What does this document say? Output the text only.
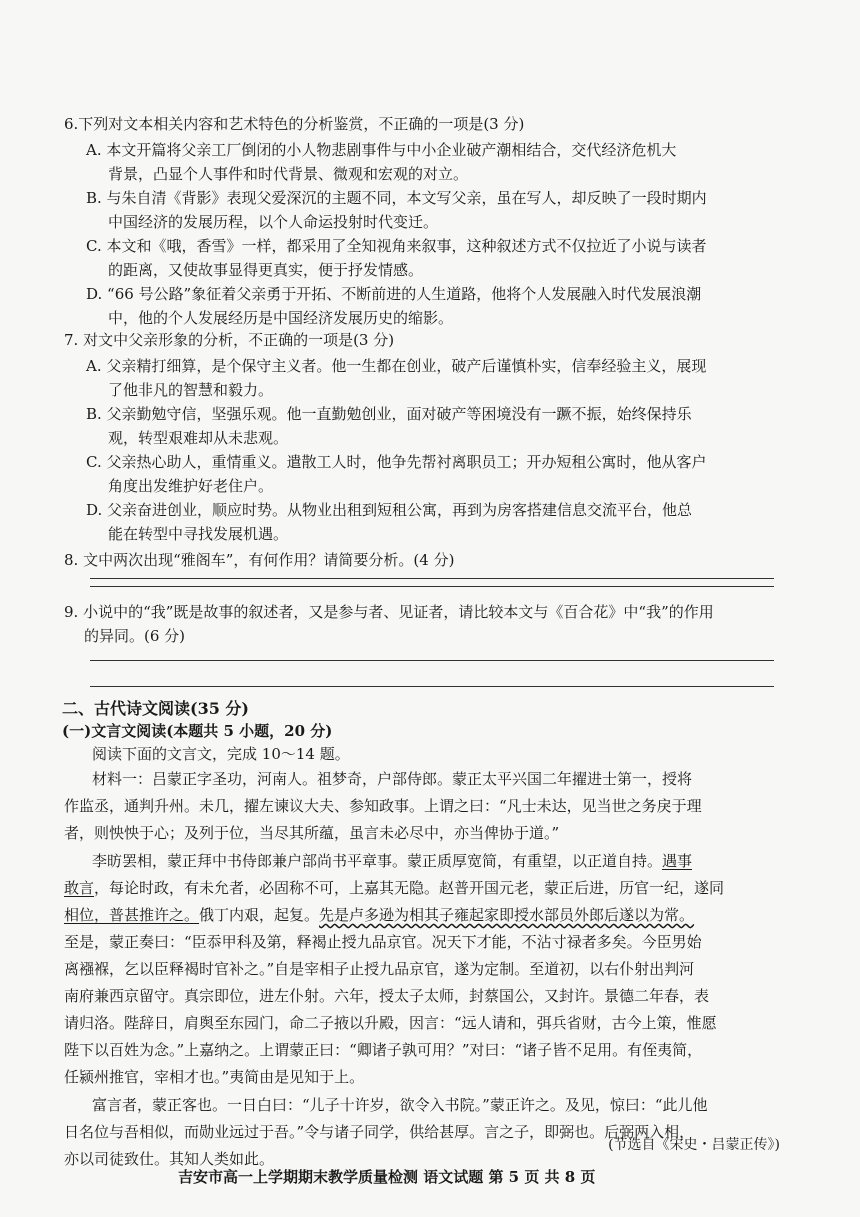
6.下列对文本相关内容和艺术特色的分析鉴赏，不正确的一项是(3 分)
A. 本文开篇将父亲工厂倒闭的小人物悲剧事件与中小企业破产潮相结合，交代经济危机大
背景，凸显个人事件和时代背景、微观和宏观的对立。
B. 与朱自清《背影》表现父爱深沉的主题不同，本文写父亲，虽在写人，却反映了一段时期内
中国经济的发展历程，以个人命运投射时代变迁。
C. 本文和《哦，香雪》一样，都采用了全知视角来叙事，这种叙述方式不仅拉近了小说与读者
的距离，又使故事显得更真实，便于抒发情感。
D. “66 号公路”象征着父亲勇于开拓、不断前进的人生道路，他将个人发展融入时代发展浪潮
中，他的个人发展经历是中国经济发展历史的缩影。
7. 对文中父亲形象的分析，不正确的一项是(3 分)
A. 父亲精打细算，是个保守主义者。他一生都在创业，破产后谨慎朴实，信奉经验主义，展现
了他非凡的智慧和毅力。
B. 父亲勤勉守信，坚强乐观。他一直勤勉创业，面对破产等困境没有一蹶不振，始终保持乐
观，转型艰难却从未悲观。
C. 父亲热心助人，重情重义。遣散工人时，他争先帮衬离职员工；开办短租公寓时，他从客户
角度出发维护好老住户。
D. 父亲奋进创业，顺应时势。从物业出租到短租公寓，再到为房客搭建信息交流平台，他总
能在转型中寻找发展机遇。
8. 文中两次出现“雅阁车”，有何作用？请简要分析。(4 分)
9. 小说中的“我”既是故事的叙述者，又是参与者、见证者，请比较本文与《百合花》中“我”的作用
的异同。(6 分)
二、古代诗文阅读(35 分)
(一)文言文阅读(本题共 5 小题，20 分)
阅读下面的文言文，完成 10～14 题。
材料一：吕蒙正字圣功，河南人。祖梦奇，户部侍郎。蒙正太平兴国二年擢进士第一，授将
作监丞，通判升州。未几，擢左谏议大夫、参知政事。上谓之曰：“凡士未达，见当世之务戾于理
者，则怏怏于心；及列于位，当尽其所蕴，虽言未必尽中，亦当俾协于道。”
李昉罢相，蒙正拜中书侍郎兼户部尚书平章事。蒙正质厚宽简，有重望，以正道自持。遇事
敢言，每论时政，有未允者，必固称不可，上嘉其无隐。赵普开国元老，蒙正后进，历官一纪，遂同
相位，普甚推许之。俄丁内艰，起复。先是卢多逊为相其子雍起家即授水部员外郎后遂以为常。
至是，蒙正奏曰：“臣忝甲科及第，释褐止授九品京官。况天下才能，不沾寸禄者多矣。今臣男始
离襁褓，乞以臣释褐时官补之。”自是宰相子止授九品京官，遂为定制。至道初，以右仆射出判河
南府兼西京留守。真宗即位，进左仆射。六年，授太子太师，封蔡国公，又封许。景德二年春，表
请归洛。陛辞日，肩舆至东园门，命二子掖以升殿，因言：“远人请和，弭兵省财，古今上策，惟愿
陛下以百姓为念。”上嘉纳之。上谓蒙正曰：“卿诸子孰可用？”对曰：“诸子皆不足用。有侄夷简，
任颍州推官，宰相才也。”夷简由是见知于上。
富言者，蒙正客也。一日白曰：“儿子十许岁，欲令入书院。”蒙正许之。及见，惊曰：“此儿他
日名位与吾相似，而勋业远过于吾。”令与诸子同学，供给甚厚。言之子，即弼也。后弼两入相，
亦以司徒致仕。其知人类如此。
(节选自《宋史・吕蒙正传》)
吉安市高一上学期期末教学质量检测 语文试题 第 5 页 共 8 页
